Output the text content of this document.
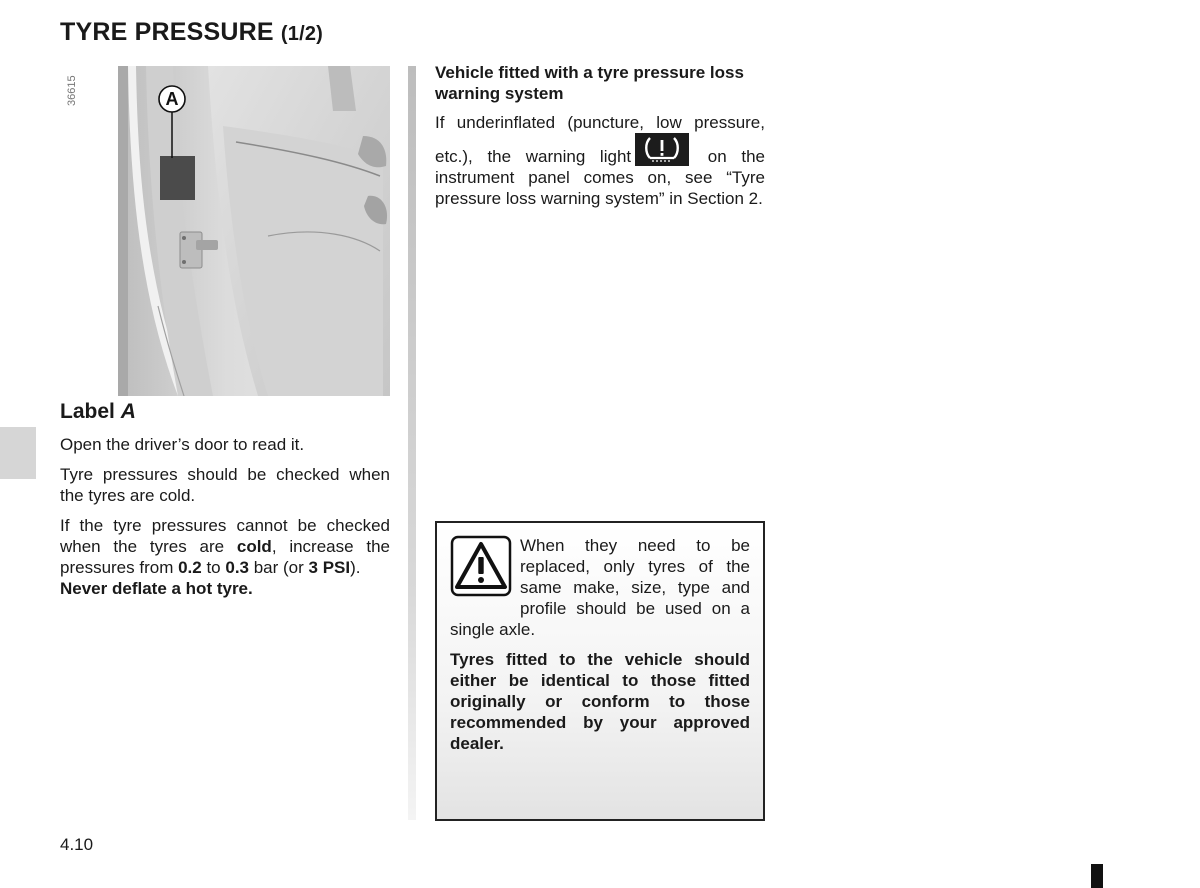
TYRE PRESSURE (1/2)
36615	A
Label A

Open the driver’s door to read it.

Tyre pressures should be checked when the tyres are cold.

If the tyre pressures cannot be checked when the tyres are cold, increase the pressures from 0.2 to 0.3 bar (or 3 PSI).
Never deflate a hot tyre.

Vehicle fitted with a tyre pressure loss warning system

If underinflated (puncture, low pressure, etc.), the warning light	on the instrument panel comes on, see “Tyre pressure loss warning system” in Section 2.

When they need to be replaced, only tyres of the same make, size, type and profile should be used on a single axle.

Tyres fitted to the vehicle should either be identical to those fitted originally or conform to those recommended by your approved dealer.

4.10
